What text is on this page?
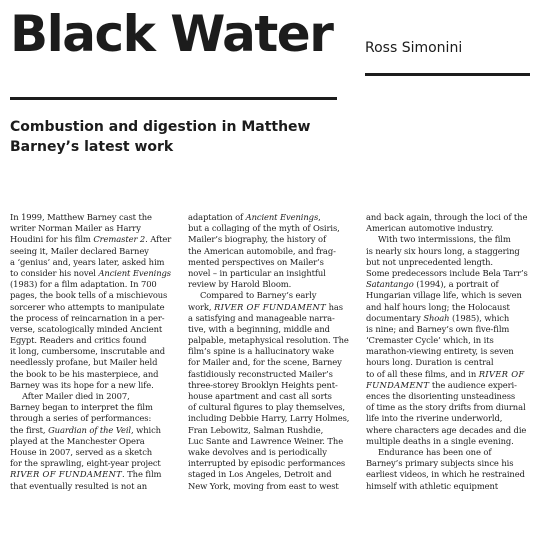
Black Water Ross Simonini
Combustion and digestion in Matthew Barney’s latest work
In 1999, Matthew Barney cast the
writer Norman Mailer as Harry
Houdini for his film Cremaster 2. After
seeing it, Mailer declared Barney
a ‘genius’ and, years later, asked him
to consider his novel Ancient Evenings
(1983) for a film adaptation. In 700
pages, the book tells of a mischievous
sorcerer who attempts to manipulate
the process of reincarnation in a per-
verse, scatologically minded Ancient
Egypt. Readers and critics found
it long, cumbersome, inscrutable and
needlessly profane, but Mailer held
the book to be his masterpiece, and
Barney was its hope for a new life.
After Mailer died in 2007,
Barney began to interpret the film
through a series of performances:
the first, Guardian of the Veil, which
played at the Manchester Opera
House in 2007, served as a sketch
for the sprawling, eight-year project
RIVER OF FUNDAMENT. The film
that eventually resulted is not an
adaptation of Ancient Evenings,
but a collaging of the myth of Osiris,
Mailer’s biography, the history of
the American automobile, and frag-
mented perspectives on Mailer’s
novel – in particular an insightful
review by Harold Bloom.
Compared to Barney’s early
work, RIVER OF FUNDAMENT has
a satisfying and manageable narra-
tive, with a beginning, middle and
palpable, metaphysical resolution. The
film’s spine is a hallucinatory wake
for Mailer and, for the scene, Barney
fastidiously reconstructed Mailer’s
three-storey Brooklyn Heights pent-
house apartment and cast all sorts
of cultural figures to play themselves,
including Debbie Harry, Larry Holmes,
Fran Lebowitz, Salman Rushdie,
Luc Sante and Lawrence Weiner. The
wake devolves and is periodically
interrupted by episodic performances
staged in Los Angeles, Detroit and
New York, moving from east to west
and back again, through the loci of the
American automotive industry.
With two intermissions, the film
is nearly six hours long, a staggering
but not unprecedented length.
Some predecessors include Bela Tarr’s
Satantango (1994), a portrait of
Hungarian village life, which is seven
and half hours long; the Holocaust
documentary Shoah (1985), which
is nine; and Barney’s own five-film
‘Cremaster Cycle’ which, in its
marathon-viewing entirety, is seven
hours long. Duration is central
to of all these films, and in RIVER OF
FUNDAMENT the audience experi-
ences the disorienting unsteadiness
of time as the story drifts from diurnal
life into the riverine underworld,
where characters age decades and die
multiple deaths in a single evening.
Endurance has been one of
Barney’s primary subjects since his
earliest videos, in which he restrained
himself with athletic equipment
